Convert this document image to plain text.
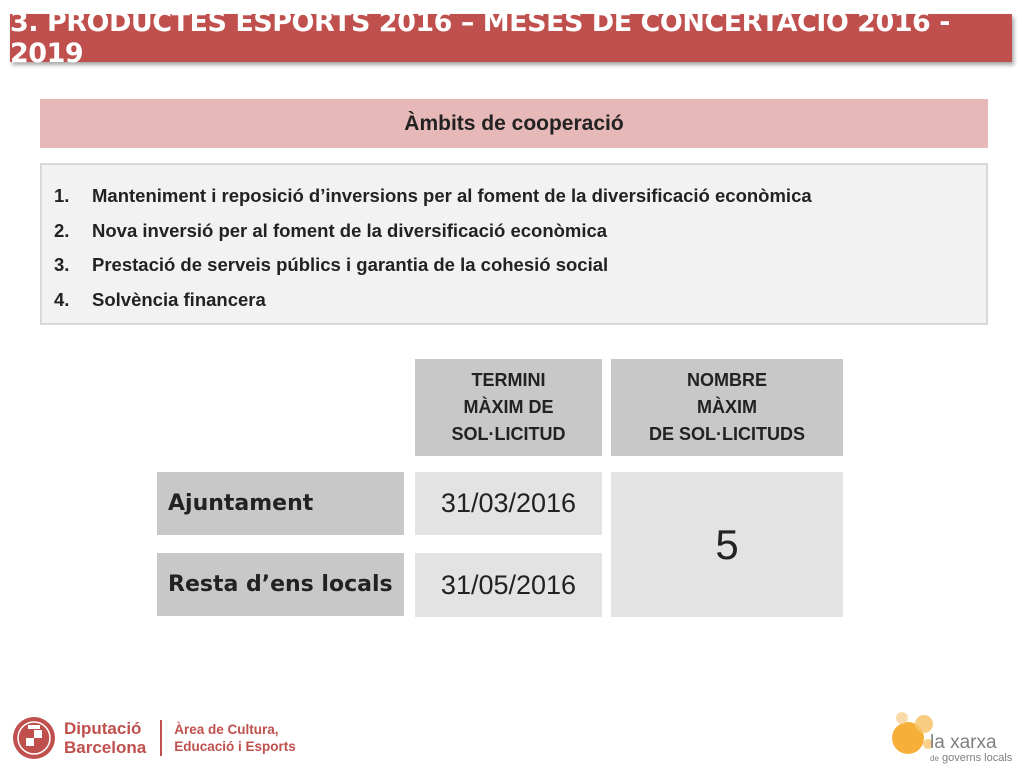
3. PRODUCTES ESPORTS 2016 – MESES DE CONCERTACIÓ 2016 - 2019
Àmbits de cooperació
1. Manteniment i reposició d’inversions per al foment de la diversificació econòmica
2. Nova inversió per al foment de la diversificació econòmica
3. Prestació de serveis públics i garantia de la cohesió social
4. Solvència financera
TERMINI
MÀXIM DE
SOL·LICITUD
NOMBRE
MÀXIM
DE SOL·LICITUDS
Ajuntament
Resta d’ens locals
31/03/2016
31/05/2016
5
Diputació
Barcelona
Àrea de Cultura,
Educació i Esports	la xarxa
de governs locals
